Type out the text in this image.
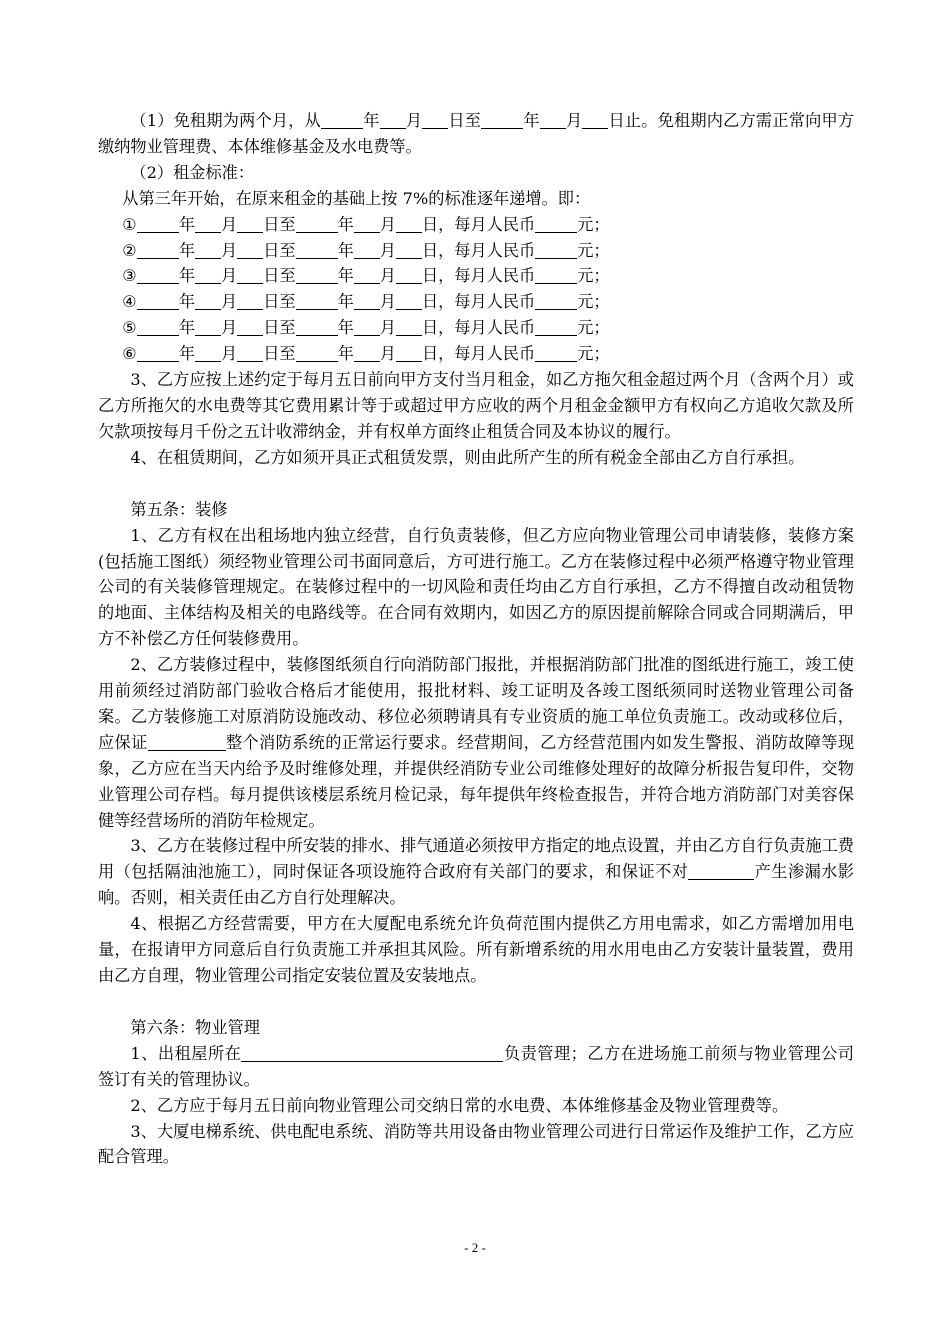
（1）免租期为两个月，从	年 月 日至	年 月 日止。免租期内乙方需正常向甲方缴纳物业管理费、本体维修基金及水电费等。

（2）租金标准：

从第三年开始，在原来租金的基础上按 7%的标准逐年递增。即：

①	年 月 日至	年 月 日，每月人民币	元；

②	年 月 日至	年 月 日，每月人民币	元；

③	年 月 日至	年 月 日，每月人民币	元；

④	年 月 日至	年 月 日，每月人民币	元；

⑤	年 月 日至	年 月 日，每月人民币	元；

⑥	年 月 日至	年 月 日，每月人民币	元；

3、乙方应按上述约定于每月五日前向甲方支付当月租金，如乙方拖欠租金超过两个月（含两个月）或乙方所拖欠的水电费等其它费用累计等于或超过甲方应收的两个月租金金额甲方有权向乙方追收欠款及所欠款项按每月千份之五计收滞纳金，并有权单方面终止租赁合同及本协议的履行。

4、在租赁期间，乙方如须开具正式租赁发票，则由此所产生的所有税金全部由乙方自行承担。

第五条：装修

1、乙方有权在出租场地内独立经营，自行负责装修，但乙方应向物业管理公司申请装修，装修方案(包括施工图纸）须经物业管理公司书面同意后，方可进行施工。乙方在装修过程中必须严格遵守物业管理公司的有关装修管理规定。在装修过程中的一切风险和责任均由乙方自行承担，乙方不得擅自改动租赁物的地面、主体结构及相关的电路线等。在合同有效期内，如因乙方的原因提前解除合同或合同期满后，甲方不补偿乙方任何装修费用。

2、乙方装修过程中，装修图纸须自行向消防部门报批，并根据消防部门批准的图纸进行施工，竣工使用前须经过消防部门验收合格后才能使用，报批材料、竣工证明及各竣工图纸须同时送物业管理公司备案。乙方装修施工对原消防设施改动、移位必须聘请具有专业资质的施工单位负责施工。改动或移位后，应保证	整个消防系统的正常运行要求。经营期间，乙方经营范围内如发生警报、消防故障等现象，乙方应在当天内给予及时维修处理，并提供经消防专业公司维修处理好的故障分析报告复印件，交物业管理公司存档。每月提供该楼层系统月检记录，每年提供年终检查报告，并符合地方消防部门对美容保健等经营场所的消防年检规定。

3、乙方在装修过程中所安装的排水、排气通道必须按甲方指定的地点设置，并由乙方自行负责施工费用（包括隔油池施工），同时保证各项设施符合政府有关部门的要求，和保证不对	产生渗漏水影响。否则，相关责任由乙方自行处理解决。

4、根据乙方经营需要，甲方在大厦配电系统允许负荷范围内提供乙方用电需求，如乙方需增加用电量，在报请甲方同意后自行负责施工并承担其风险。所有新增系统的用水用电由乙方安装计量装置，费用由乙方自理，物业管理公司指定安装位置及安装地点。

第六条：物业管理

1、出租屋所在	负责管理；乙方在进场施工前须与物业管理公司签订有关的管理协议。

2、乙方应于每月五日前向物业管理公司交纳日常的水电费、本体维修基金及物业管理费等。

3、大厦电梯系统、供电配电系统、消防等共用设备由物业管理公司进行日常运作及维护工作，乙方应配合管理。

- 2 -
